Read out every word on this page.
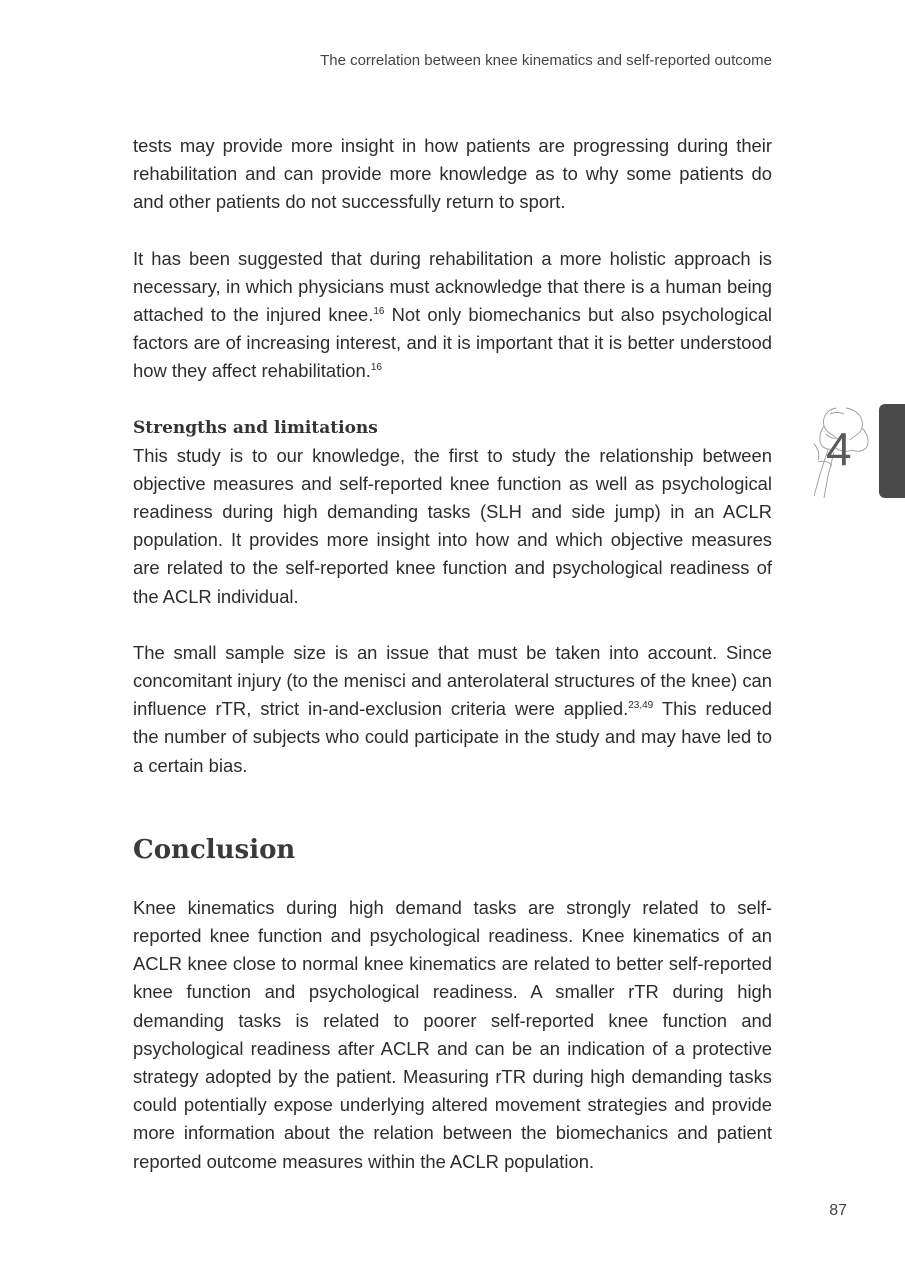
The correlation between knee kinematics and self-reported outcome

tests may provide more insight in how patients are progressing during their rehabilitation and can provide more knowledge as to why some patients do and other patients do not successfully return to sport.

It has been suggested that during rehabilitation a more holistic approach is necessary, in which physicians must acknowledge that there is a human being attached to the injured knee.$^{16}$ Not only biomechanics but also psychological factors are of increasing interest, and it is important that it is better understood how they affect rehabilitation.$^{16}$

Strengths and limitations

This study is to our knowledge, the first to study the relationship between objective measures and self-reported knee function as well as psychological readiness during high demanding tasks (SLH and side jump) in an ACLR population. It provides more insight into how and which objective measures are related to the self-reported knee function and psychological readiness of the ACLR individual.

The small sample size is an issue that must be taken into account. Since concomitant injury (to the menisci and anterolateral structures of the knee) can influence rTR, strict in-and-exclusion criteria were applied.$^{23,49}$ This reduced the number of subjects who could participate in the study and may have led to a certain bias.

Conclusion

Knee kinematics during high demand tasks are strongly related to self-reported knee function and psychological readiness. Knee kinematics of an ACLR knee close to normal knee kinematics are related to better self-reported knee function and psychological readiness. A smaller rTR during high demanding tasks is related to poorer self-reported knee function and psychological readiness after ACLR and can be an indication of a protective strategy adopted by the patient. Measuring rTR during high demanding tasks could potentially expose underlying altered movement strategies and provide more information about the relation between the biomechanics and patient reported outcome measures within the ACLR population.

4
87
